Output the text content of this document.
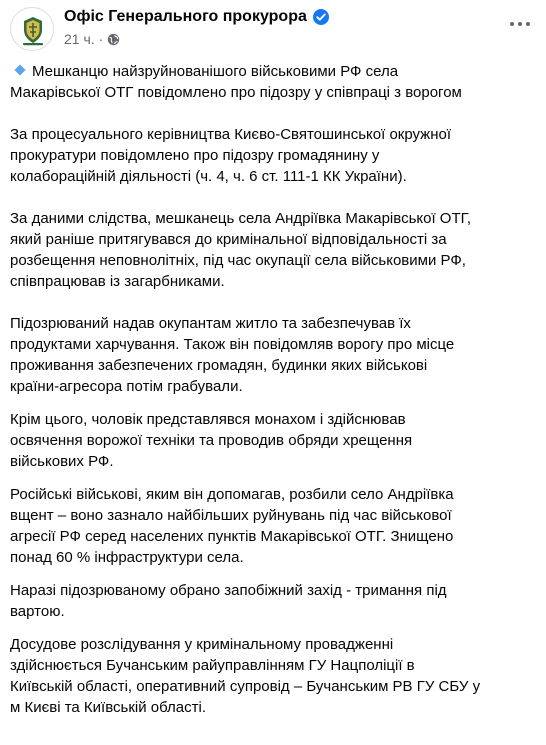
Офіс Генерального прокурора
21 ч. ·

Мешканцю найзруйнованішого військовими РФ села
Макарівської ОТГ повідомлено про підозру у співпраці з ворогом

За процесуального керівництва Києво-Святошинської окружної
прокуратури повідомлено про підозру громадянину у
колабораційній діяльності (ч. 4, ч. 6 ст. 111-1 КК України).

За даними слідства, мешканець села Андріївка Макарівської ОТГ,
який раніше притягувався до кримінальної відповідальності за
розбещення неповнолітніх, під час окупації села військовими РФ,
співпрацював із загарбниками.

Підозрюваний надав окупантам житло та забезпечував їх
продуктами харчування. Також він повідомляв ворогу про місце
проживання забезпечених громадян, будинки яких військові
країни-агресора потім грабували.

Крім цього, чоловік представлявся монахом і здійснював
освячення ворожої техніки та проводив обряди хрещення
військових РФ.

Російські військові, яким він допомагав, розбили село Андріївка
вщент – воно зазнало найбільших руйнувань під час військової
агресії РФ серед населених пунктів Макарівської ОТГ. Знищено
понад 60 % інфраструктури села.

Наразі підозрюваному обрано запобіжний захід - тримання під
вартою.

Досудове розслідування у кримінальному провадженні
здійснюється Бучанським райуправлінням ГУ Нацполіції в
Київській області, оперативний супровід – Бучанським РВ ГУ СБУ у
м Києві та Київській області.
